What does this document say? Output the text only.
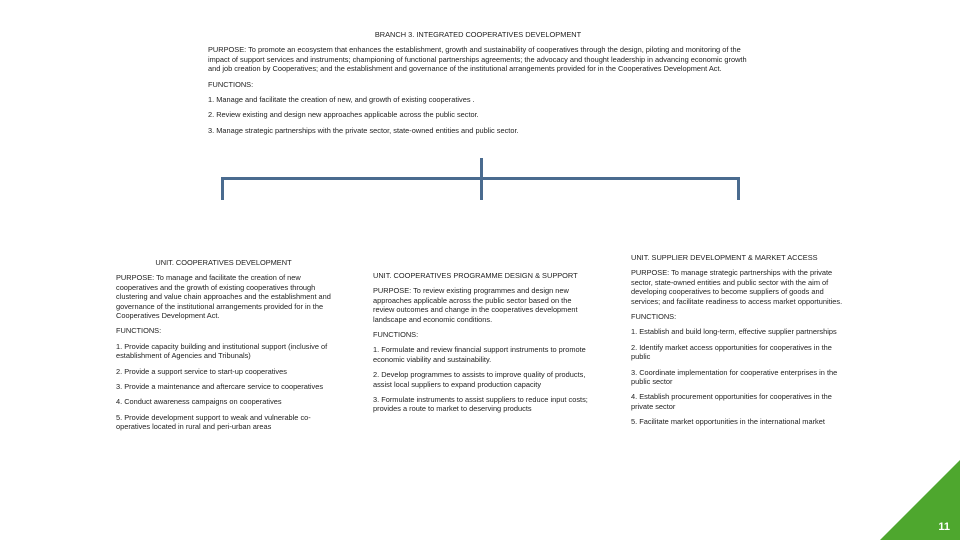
BRANCH 3. INTEGRATED COOPERATIVES DEVELOPMENT

PURPOSE: To promote an ecosystem that enhances the establishment, growth and sustainability of cooperatives through the design, piloting and monitoring of the impact of support services and instruments; championing of functional partnerships agreements; the advocacy and thought leadership in advancing economic growth and job creation by Cooperatives; and the establishment and governance of the institutional arrangements provided for in the Cooperatives Development Act.

FUNCTIONS:

1. Manage and facilitate the creation of new, and growth of existing cooperatives .

2. Review existing and design new approaches applicable across the public sector.

3. Manage strategic partnerships with the private sector, state-owned entities and public sector.

UNIT. COOPERATIVES DEVELOPMENT

PURPOSE: To manage and facilitate the creation of new cooperatives and the growth of existing cooperatives through clustering and value chain approaches and the establishment and governance of the institutional arrangements provided for in the Cooperatives Development Act.

FUNCTIONS:

1. Provide capacity building and institutional support (inclusive of establishment of Agencies and Tribunals)

2. Provide a support service to start-up cooperatives

3. Provide a maintenance and aftercare service to cooperatives

4. Conduct awareness campaigns on cooperatives

5. Provide development support to weak and vulnerable co-operatives located in rural and peri-urban areas

UNIT. COOPERATIVES PROGRAMME DESIGN & SUPPORT

PURPOSE: To review existing programmes and design new approaches applicable across the public sector based on the review outcomes and change in the cooperatives development landscape and economic conditions.

FUNCTIONS:

1. Formulate and review financial support instruments to promote economic viability and sustainability.

2. Develop programmes to assists to improve quality of products, assist local suppliers to expand production capacity

3. Formulate instruments to assist suppliers to reduce input costs; provides a route to market to deserving products

UNIT. SUPPLIER DEVELOPMENT & MARKET ACCESS

PURPOSE: To manage strategic partnerships with the private sector, state-owned entities and public sector with the aim of developing cooperatives to become suppliers of goods and services; and facilitate readiness to access market opportunities.

FUNCTIONS:

1. Establish and build long-term, effective supplier partnerships

2. Identify market access opportunities for cooperatives in the public

3. Coordinate implementation for cooperative enterprises in the public sector

4. Establish procurement opportunities for cooperatives in the private sector

5. Facilitate market opportunities in the international market

11
